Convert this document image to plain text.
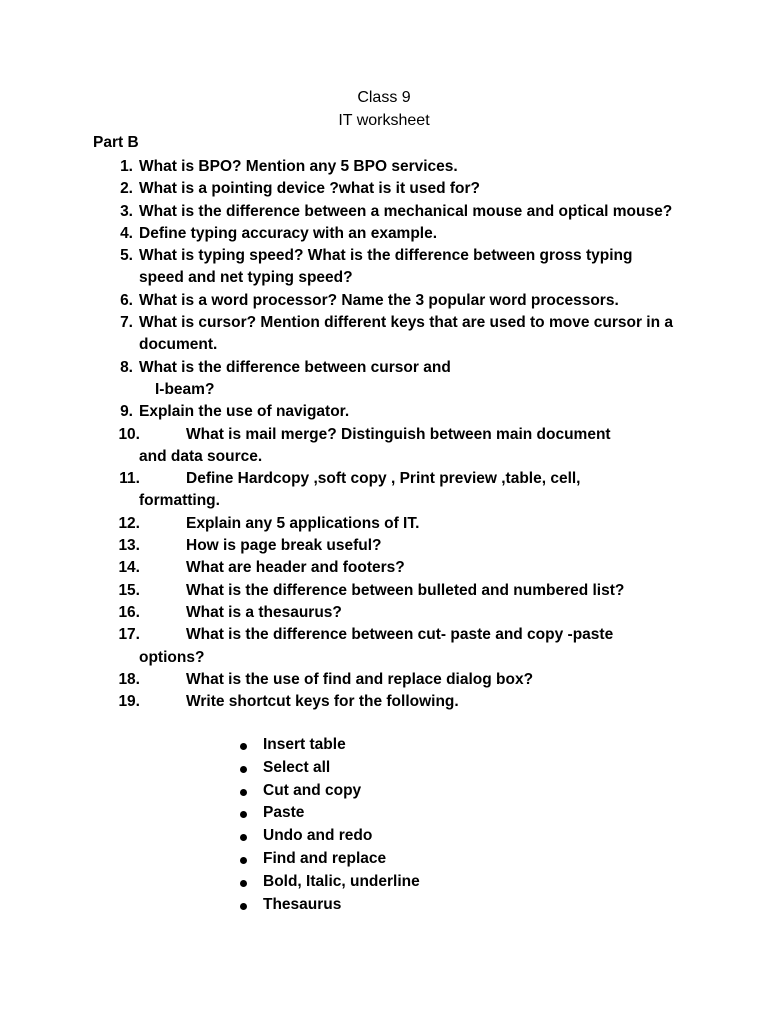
Class 9
IT worksheet
Part B
1. What is BPO? Mention any 5 BPO services.
2. What is a pointing device ?what is it used for?
3. What is the difference between a mechanical mouse and optical mouse?
4. Define typing accuracy with an example.
5. What is typing speed? What is the difference between gross typing speed and net typing speed?
6. What is a word processor? Name the 3 popular word processors.
7. What is cursor? Mention different keys that are used to move cursor in a document.
8. What is the difference between cursor and
I-beam?
9. Explain the use of navigator.
10.	What is mail merge? Distinguish between main document
and data source.
11.	Define Hardcopy ,soft copy , Print preview ,table, cell,
formatting.
12.	Explain any 5 applications of IT.
13.	How is page break useful?
14.	What are header and footers?
15.	What is the difference between bulleted and numbered list?
16.	What is a thesaurus?
17.	What is the difference between cut- paste and copy -paste
options?
18.	What is the use of find and replace dialog box?
19.	Write shortcut keys for the following.
Insert table
Select all
Cut and copy
Paste
Undo and redo
Find and replace
Bold, Italic, underline
Thesaurus
